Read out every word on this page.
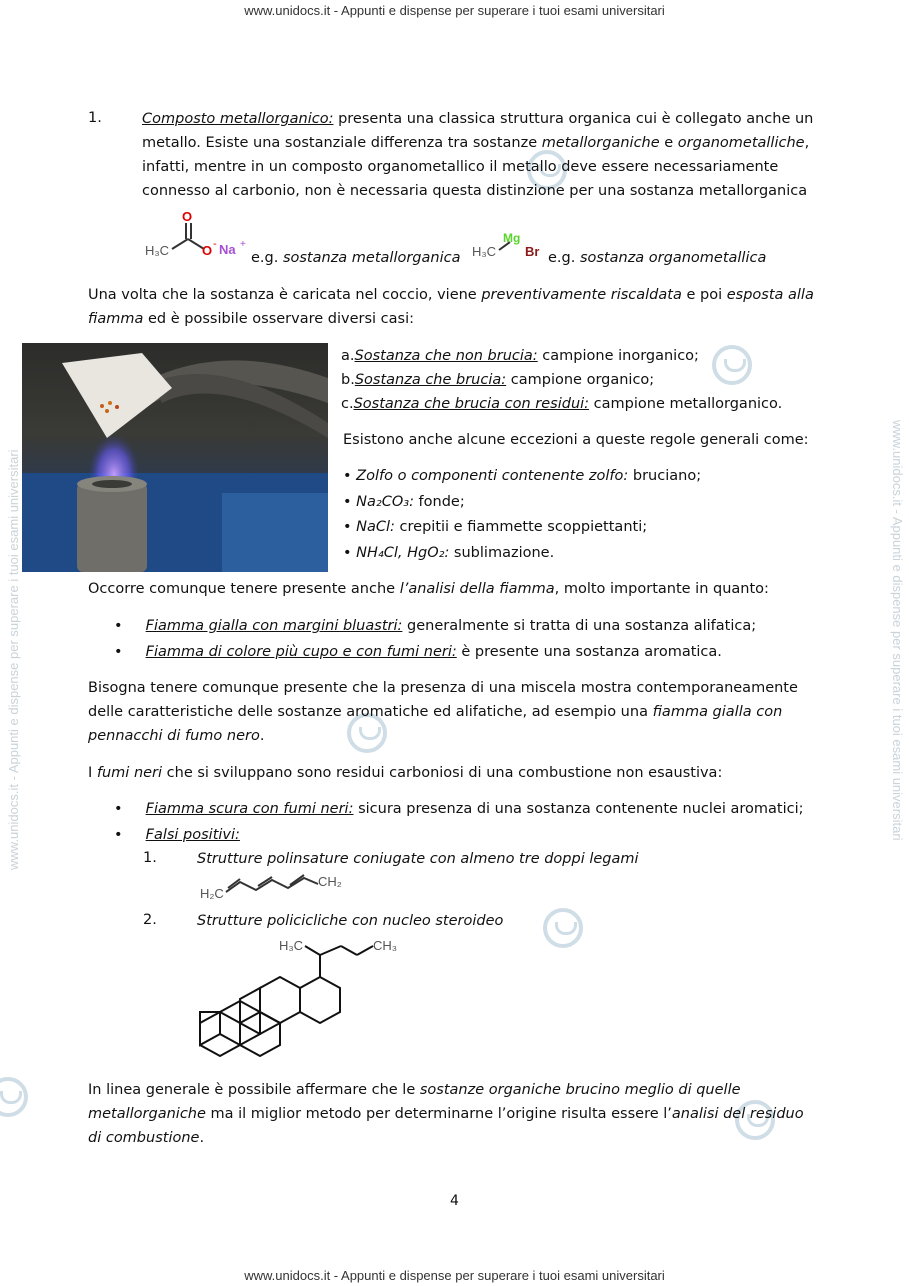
www.unidocs.it - Appunti e dispense per superare i tuoi esami universitari
www.unidocs.it - Appunti e dispense per superare i tuoi esami universitari
www.unidocs.it - Appunti e dispense per superare i tuoi esami universitari	www.unidocs.it - Appunti e dispense per superare i tuoi esami universitari
1.	Composto metallorganico: presenta una classica struttura organica cui è collegato anche un
metallo. Esiste una sostanziale differenza tra sostanze metallorganiche e organometalliche,
infatti, mentre in un composto organometallico il metallo deve essere necessariamente
connesso al carbonio, non è necessaria questa distinzione per una sostanza metallorganica
H₃C
O
O - Na +
e.g. sostanza metallorganica H₃C
Mg
Br e.g. sostanza organometallica
Una volta che la sostanza è caricata nel coccio, viene preventivamente riscaldata e poi esposta alla
fiamma ed è possibile osservare diversi casi:
a.Sostanza che non brucia: campione inorganico;
b.Sostanza che brucia: campione organico;
c.Sostanza che brucia con residui: campione metallorganico.
Esistono anche alcune eccezioni a queste regole generali come:
• Zolfo o componenti contenente zolfo: bruciano;
• Na₂CO₃: fonde;
• NaCl: crepitii e fiammette scoppiettanti;
• NH₄Cl, HgO₂: sublimazione.
Occorre comunque tenere presente anche l’analisi della fiamma, molto importante in quanto:
•     Fiamma gialla con margini bluastri: generalmente si tratta di una sostanza alifatica;
•     Fiamma di colore più cupo e con fumi neri: è presente una sostanza aromatica.
Bisogna tenere comunque presente che la presenza di una miscela mostra contemporaneamente
delle caratteristiche delle sostanze aromatiche ed alifatiche, ad esempio una fiamma gialla con
pennacchi di fumo nero.
I fumi neri che si sviluppano sono residui carboniosi di una combustione non esaustiva:
•     Fiamma scura con fumi neri: sicura presenza di una sostanza contenente nuclei aromatici;
•     Falsi positivi:
1.	Strutture polinsature coniugate con almeno tre doppi legami
H₂C
CH₂
2.	Strutture policicliche con nucleo steroideo
H₃C	CH₃
In linea generale è possibile affermare che le sostanze organiche brucino meglio di quelle
metallorganiche ma il miglior metodo per determinarne l’origine risulta essere l’analisi del residuo
di combustione.
4
